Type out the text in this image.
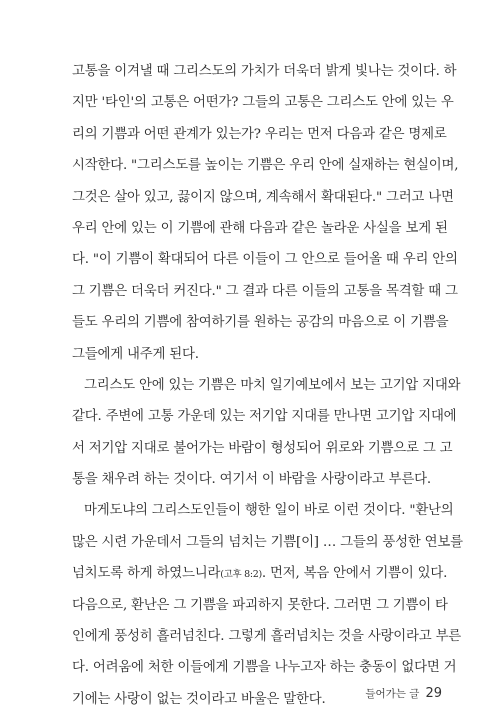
고통을 이겨낼 때 그리스도의 가치가 더욱더 밝게 빛나는 것이다. 하
지만 '타인'의 고통은 어떤가? 그들의 고통은 그리스도 안에 있는 우
리의 기쁨과 어떤 관계가 있는가? 우리는 먼저 다음과 같은 명제로
시작한다. "그리스도를 높이는 기쁨은 우리 안에 실재하는 현실이며,
그것은 살아 있고, 끓이지 않으며, 계속해서 확대된다." 그러고 나면
우리 안에 있는 이 기쁨에 관해 다음과 같은 놀라운 사실을 보게 된
다. "이 기쁨이 확대되어 다른 이들이 그 안으로 들어올 때 우리 안의
그 기쁨은 더욱더 커진다." 그 결과 다른 이들의 고통을 목격할 때 그
들도 우리의 기쁨에 참여하기를 원하는 공감의 마음으로 이 기쁨을
그들에게 내주게 된다.
그리스도 안에 있는 기쁨은 마치 일기예보에서 보는 고기압 지대와
같다. 주변에 고통 가운데 있는 저기압 지대를 만나면 고기압 지대에
서 저기압 지대로 불어가는 바람이 형성되어 위로와 기쁨으로 그 고
통을 채우려 하는 것이다. 여기서 이 바람을 사랑이라고 부른다.
마게도냐의 그리스도인들이 행한 일이 바로 이런 것이다. "환난의
많은 시련 가운데서 그들의 넘치는 기쁨[이] … 그들의 풍성한 연보를
넘치도록 하게 하였느니라(고후 8:2). 먼저, 복음 안에서 기쁨이 있다.
다음으로, 환난은 그 기쁨을 파괴하지 못한다. 그러면 그 기쁨이 타
인에게 풍성히 흘러넘친다. 그렇게 흘러넘치는 것을 사랑이라고 부른
다. 어려움에 처한 이들에게 기쁨을 나누고자 하는 충동이 없다면 거
기에는 사랑이 없는 것이라고 바울은 말한다.	들어가는 글 29
